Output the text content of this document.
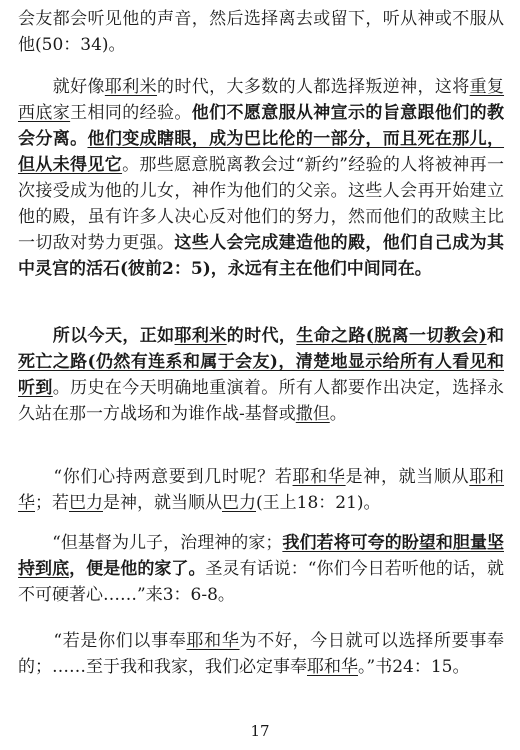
会友都会听见他的声音，然后选择离去或留下，听从神或不服从他(50：34)。

　　就好像耶利米的时代，大多数的人都选择叛逆神，这将重复西底家王相同的经验。他们不愿意服从神宣示的旨意跟他们的教会分离。他们变成瞎眼，成为巴比伦的一部分，而且死在那儿，但从未得见它。那些愿意脱离教会过“新约”经验的人将被神再一次接受成为他的儿女，神作为他们的父亲。这些人会再开始建立他的殿，虽有许多人决心反对他们的努力，然而他们的敌赎主比一切敌对势力更强。这些人会完成建造他的殿，他们自己成为其中灵宫的活石(彼前2：5)，永远有主在他们中间同在。

　　所以今天，正如耶利米的时代，生命之路(脱离一切教会)和死亡之路(仍然有连系和属于会友)，清楚地显示给所有人看见和听到。历史在今天明确地重演着。所有人都要作出决定，选择永久站在那一方战场和为谁作战-基督或撒但。

　　“你们心持两意要到几时呢？若耶和华是神，就当顺从耶和华；若巴力是神，就当顺从巴力(王上18：21)。

　　“但基督为儿子，治理神的家；我们若将可夸的盼望和胆量坚持到底，便是他的家了。圣灵有话说：“你们今日若听他的话，就不可硬著心……”来3：6-8。

　　“若是你们以事奉耶和华为不好，今日就可以选择所要事奉的；……至于我和我家，我们必定事奉耶和华。”书24：15。

17
